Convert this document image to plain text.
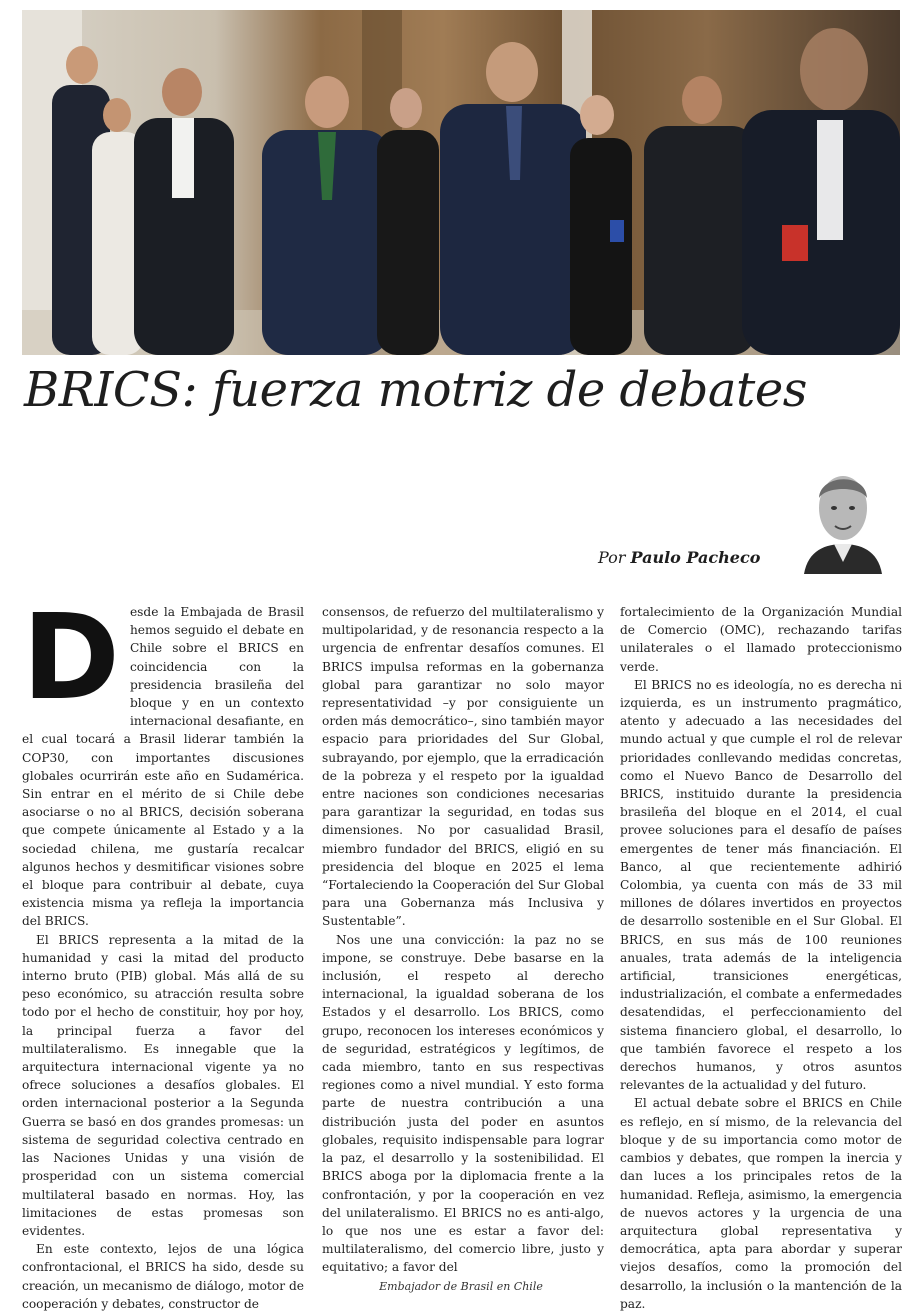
BRICS: fuerza motriz de debates
Por Paulo Pacheco
D esde la Embajada de Brasil hemos seguido el debate en Chile sobre el BRICS en coincidencia con la presidencia brasileña del bloque y en un contexto internacional desafiante, en el cual tocará a Brasil liderar también la COP30, con importantes discusiones globales ocurrirán este año en Sudamérica. Sin entrar en el mérito de si Chile debe asociarse o no al BRICS, decisión soberana que compete únicamente al Estado y a la sociedad chilena, me gustaría recalcar algunos hechos y desmitificar visiones sobre el bloque para contribuir al debate, cuya existencia misma ya refleja la importancia del BRICS.

El BRICS representa a la mitad de la humanidad y casi la mitad del producto interno bruto (PIB) global. Más allá de su peso económico, su atracción resulta sobre todo por el hecho de constituir, hoy por hoy, la principal fuerza a favor del multilateralismo. Es innegable que la arquitectura internacional vigente ya no ofrece soluciones a desafíos globales. El orden internacional posterior a la Segunda Guerra se basó en dos grandes promesas: un sistema de seguridad colectiva centrado en las Naciones Unidas y una visión de prosperidad con un sistema comercial multilateral basado en normas. Hoy, las limitaciones de estas promesas son evidentes.

En este contexto, lejos de una lógica confrontacional, el BRICS ha sido, desde su creación, un mecanismo de diálogo, motor de cooperación y debates, constructor de

consensos, de refuerzo del multilateralismo y multipolaridad, y de resonancia respecto a la urgencia de enfrentar desafíos comunes. El BRICS impulsa reformas en la gobernanza global para garantizar no solo mayor representatividad –y por consiguiente un orden más democrático–, sino también mayor espacio para prioridades del Sur Global, subrayando, por ejemplo, que la erradicación de la pobreza y el respeto por la igualdad entre naciones son condiciones necesarias para garantizar la seguridad, en todas sus dimensiones. No por casualidad Brasil, miembro fundador del BRICS, eligió en su presidencia del bloque en 2025 el lema “Fortaleciendo la Cooperación del Sur Global para una Gobernanza más Inclusiva y Sustentable”.

Nos une una convicción: la paz no se impone, se construye. Debe basarse en la inclusión, el respeto al derecho internacional, la igualdad soberana de los Estados y el desarrollo. Los BRICS, como grupo, reconocen los intereses económicos y de seguridad, estratégicos y legítimos, de cada miembro, tanto en sus respectivas regiones como a nivel mundial. Y esto forma parte de nuestra contribución a una distribución justa del poder en asuntos globales, requisito indispensable para lograr la paz, el desarrollo y la sostenibilidad. El BRICS aboga por la diplomacia frente a la confrontación, y por la cooperación en vez del unilateralismo. El BRICS no es anti-algo, lo que nos une es estar a favor del: multilateralismo, del comercio libre, justo y equitativo; a favor del

fortalecimiento de la Organización Mundial de Comercio (OMC), rechazando tarifas unilaterales o el llamado proteccionismo verde.

El BRICS no es ideología, no es derecha ni izquierda, es un instrumento pragmático, atento y adecuado a las necesidades del mundo actual y que cumple el rol de relevar prioridades conllevando medidas concretas, como el Nuevo Banco de Desarrollo del BRICS, instituido durante la presidencia brasileña del bloque en el 2014, el cual provee soluciones para el desafío de países emergentes de tener más financiación. El Banco, al que recientemente adhirió Colombia, ya cuenta con más de 33 mil millones de dólares invertidos en proyectos de desarrollo sostenible en el Sur Global. El BRICS, en sus más de 100 reuniones anuales, trata además de la inteligencia artificial, transiciones energéticas, industrialización, el combate a enfermedades desatendidas, el perfeccionamiento del sistema financiero global, el desarrollo, lo que también favorece el respeto a los derechos humanos, y otros asuntos relevantes de la actualidad y del futuro.

El actual debate sobre el BRICS en Chile es reflejo, en sí mismo, de la relevancia del bloque y de su importancia como motor de cambios y debates, que rompen la inercia y dan luces a los principales retos de la humanidad. Refleja, asimismo, la emergencia de nuevos actores y la urgencia de una arquitectura global representativa y democrática, apta para abordar y superar viejos desafíos, como la promoción del desarrollo, la inclusión o la mantención de la paz.

Embajador de Brasil en Chile
